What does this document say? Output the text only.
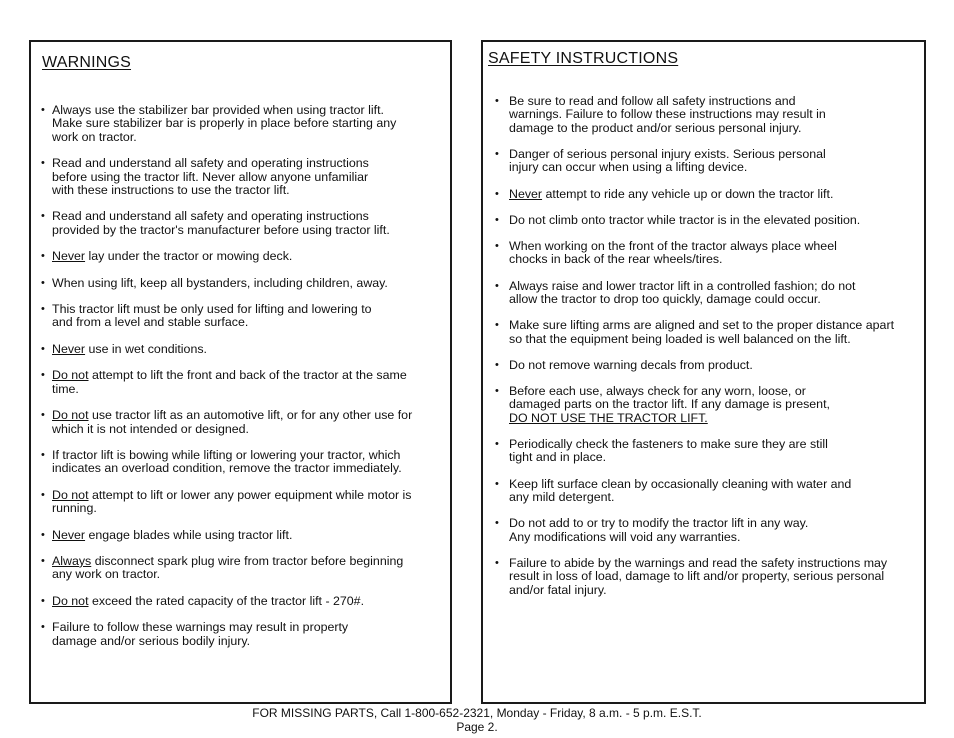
WARNINGS
• Always use the stabilizer bar provided when using tractor lift.
Make sure stabilizer bar is properly in place before starting any
work on tractor.
• Read and understand all safety and operating instructions
before using the tractor lift. Never allow anyone unfamiliar
with these instructions to use the tractor lift.
• Read and understand all safety and operating instructions
provided by the tractor's manufacturer before using tractor lift.
• Never lay under the tractor or mowing deck.
• When using lift, keep all bystanders, including children, away.
• This tractor lift must be only used for lifting and lowering to
and from a level and stable surface.
• Never use in wet conditions.
• Do not attempt to lift the front and back of the tractor at the same
time.
• Do not use tractor lift as an automotive lift, or for any other use for
which it is not intended or designed.
• If tractor lift is bowing while lifting or lowering your tractor, which
indicates an overload condition, remove the tractor immediately.
• Do not attempt to lift or lower any power equipment while motor is
running.
• Never engage blades while using tractor lift.
• Always disconnect spark plug wire from tractor before beginning
any work on tractor.
• Do not exceed the rated capacity of the tractor lift - 270#.
• Failure to follow these warnings may result in property
damage and/or serious bodily injury.
SAFETY INSTRUCTIONS
• Be sure to read and follow all safety instructions and
warnings. Failure to follow these instructions may result in
damage to the product and/or serious personal injury.
• Danger of serious personal injury exists. Serious personal
injury can occur when using a lifting device.
• Never attempt to ride any vehicle up or down the tractor lift.
• Do not climb onto tractor while tractor is in the elevated position.
• When working on the front of the tractor always place wheel
chocks in back of the rear wheels/tires.
• Always raise and lower tractor lift in a controlled fashion; do not
allow the tractor to drop too quickly, damage could occur.
• Make sure lifting arms are aligned and set to the proper distance apart
so that the equipment being loaded is well balanced on the lift.
• Do not remove warning decals from product.
• Before each use, always check for any worn, loose, or
damaged parts on the tractor lift. If any damage is present,
DO NOT USE THE TRACTOR LIFT.
• Periodically check the fasteners to make sure they are still
tight and in place.
• Keep lift surface clean by occasionally cleaning with water and
any mild detergent.
• Do not add to or try to modify the tractor lift in any way.
Any modifications will void any warranties.
• Failure to abide by the warnings and read the safety instructions may
result in loss of load, damage to lift and/or property, serious personal
and/or fatal injury.
FOR MISSING PARTS, Call 1-800-652-2321, Monday - Friday, 8 a.m. - 5 p.m. E.S.T.
Page 2.
